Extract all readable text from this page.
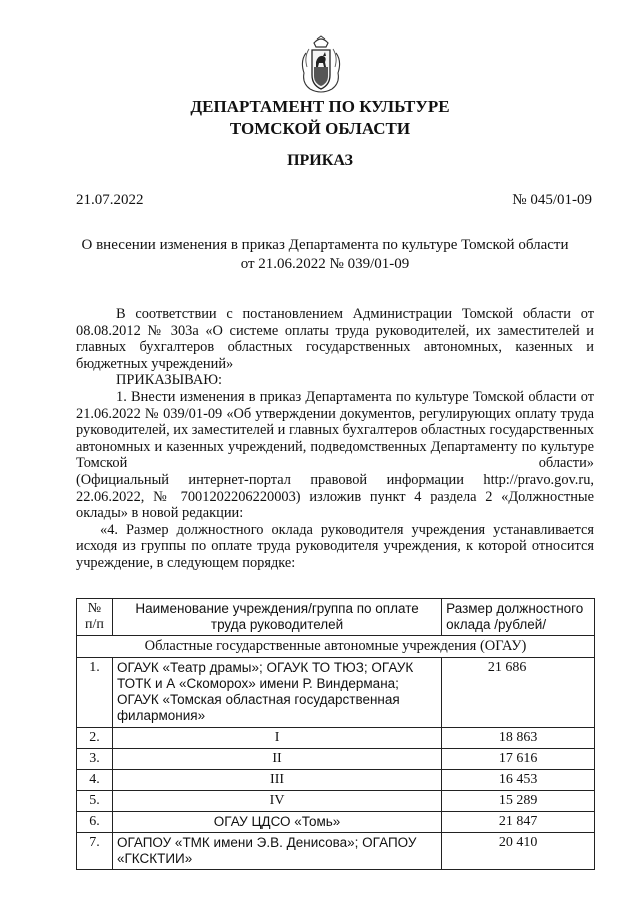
ДЕПАРТАМЕНТ ПО КУЛЬТУРЕ
ТОМСКОЙ ОБЛАСТИ
ПРИКАЗ
21.07.2022	№ 045/01-09
О внесении изменения в приказ Департамента по культуре Томской области
от 21.06.2022 № 039/01-09

В соответствии с постановлением Администрации Томской области от 08.08.2012 № 303а «О системе оплаты труда руководителей, их заместителей и главных бухгалтеров областных государственных автономных, казенных и бюджетных учреждений»

ПРИКАЗЫВАЮ:

1. Внести изменения в приказ Департамента по культуре Томской области от 21.06.2022 № 039/01-09 «Об утверждении документов, регулирующих оплату труда руководителей, их заместителей и главных бухгалтеров областных государственных автономных и казенных учреждений, подведомственных Департаменту по культуре Томской области»

(Официальный интернет-портал правовой информации http://pravo.gov.ru, 22.06.2022, № 7001202206220003) изложив пункт 4 раздела 2 «Должностные оклады» в новой редакции:

«4. Размер должностного оклада руководителя учреждения устанавливается исходя из группы по оплате труда руководителя учреждения, к которой относится учреждение, в следующем порядке:

№ п/п	Наименование учреждения/группа по оплате труда руководителей	Размер должностного оклада /рублей/
Областные государственные автономные учреждения (ОГАУ)		
1.	ОГАУК «Театр драмы»; ОГАУК ТО ТЮЗ; ОГАУК ТОТК и А «Скоморох» имени Р. Виндермана; ОГАУК «Томская областная государственная филармония»	21 686
2.	I	18 863
3.	II	17 616
4.	III	16 453
5.	IV	15 289
6.	ОГАУ ЦДСО «Томь»	21 847
7.	ОГАПОУ «ТМК имени Э.В. Денисова»; ОГАПОУ «ГКСКТИИ»	20 410
